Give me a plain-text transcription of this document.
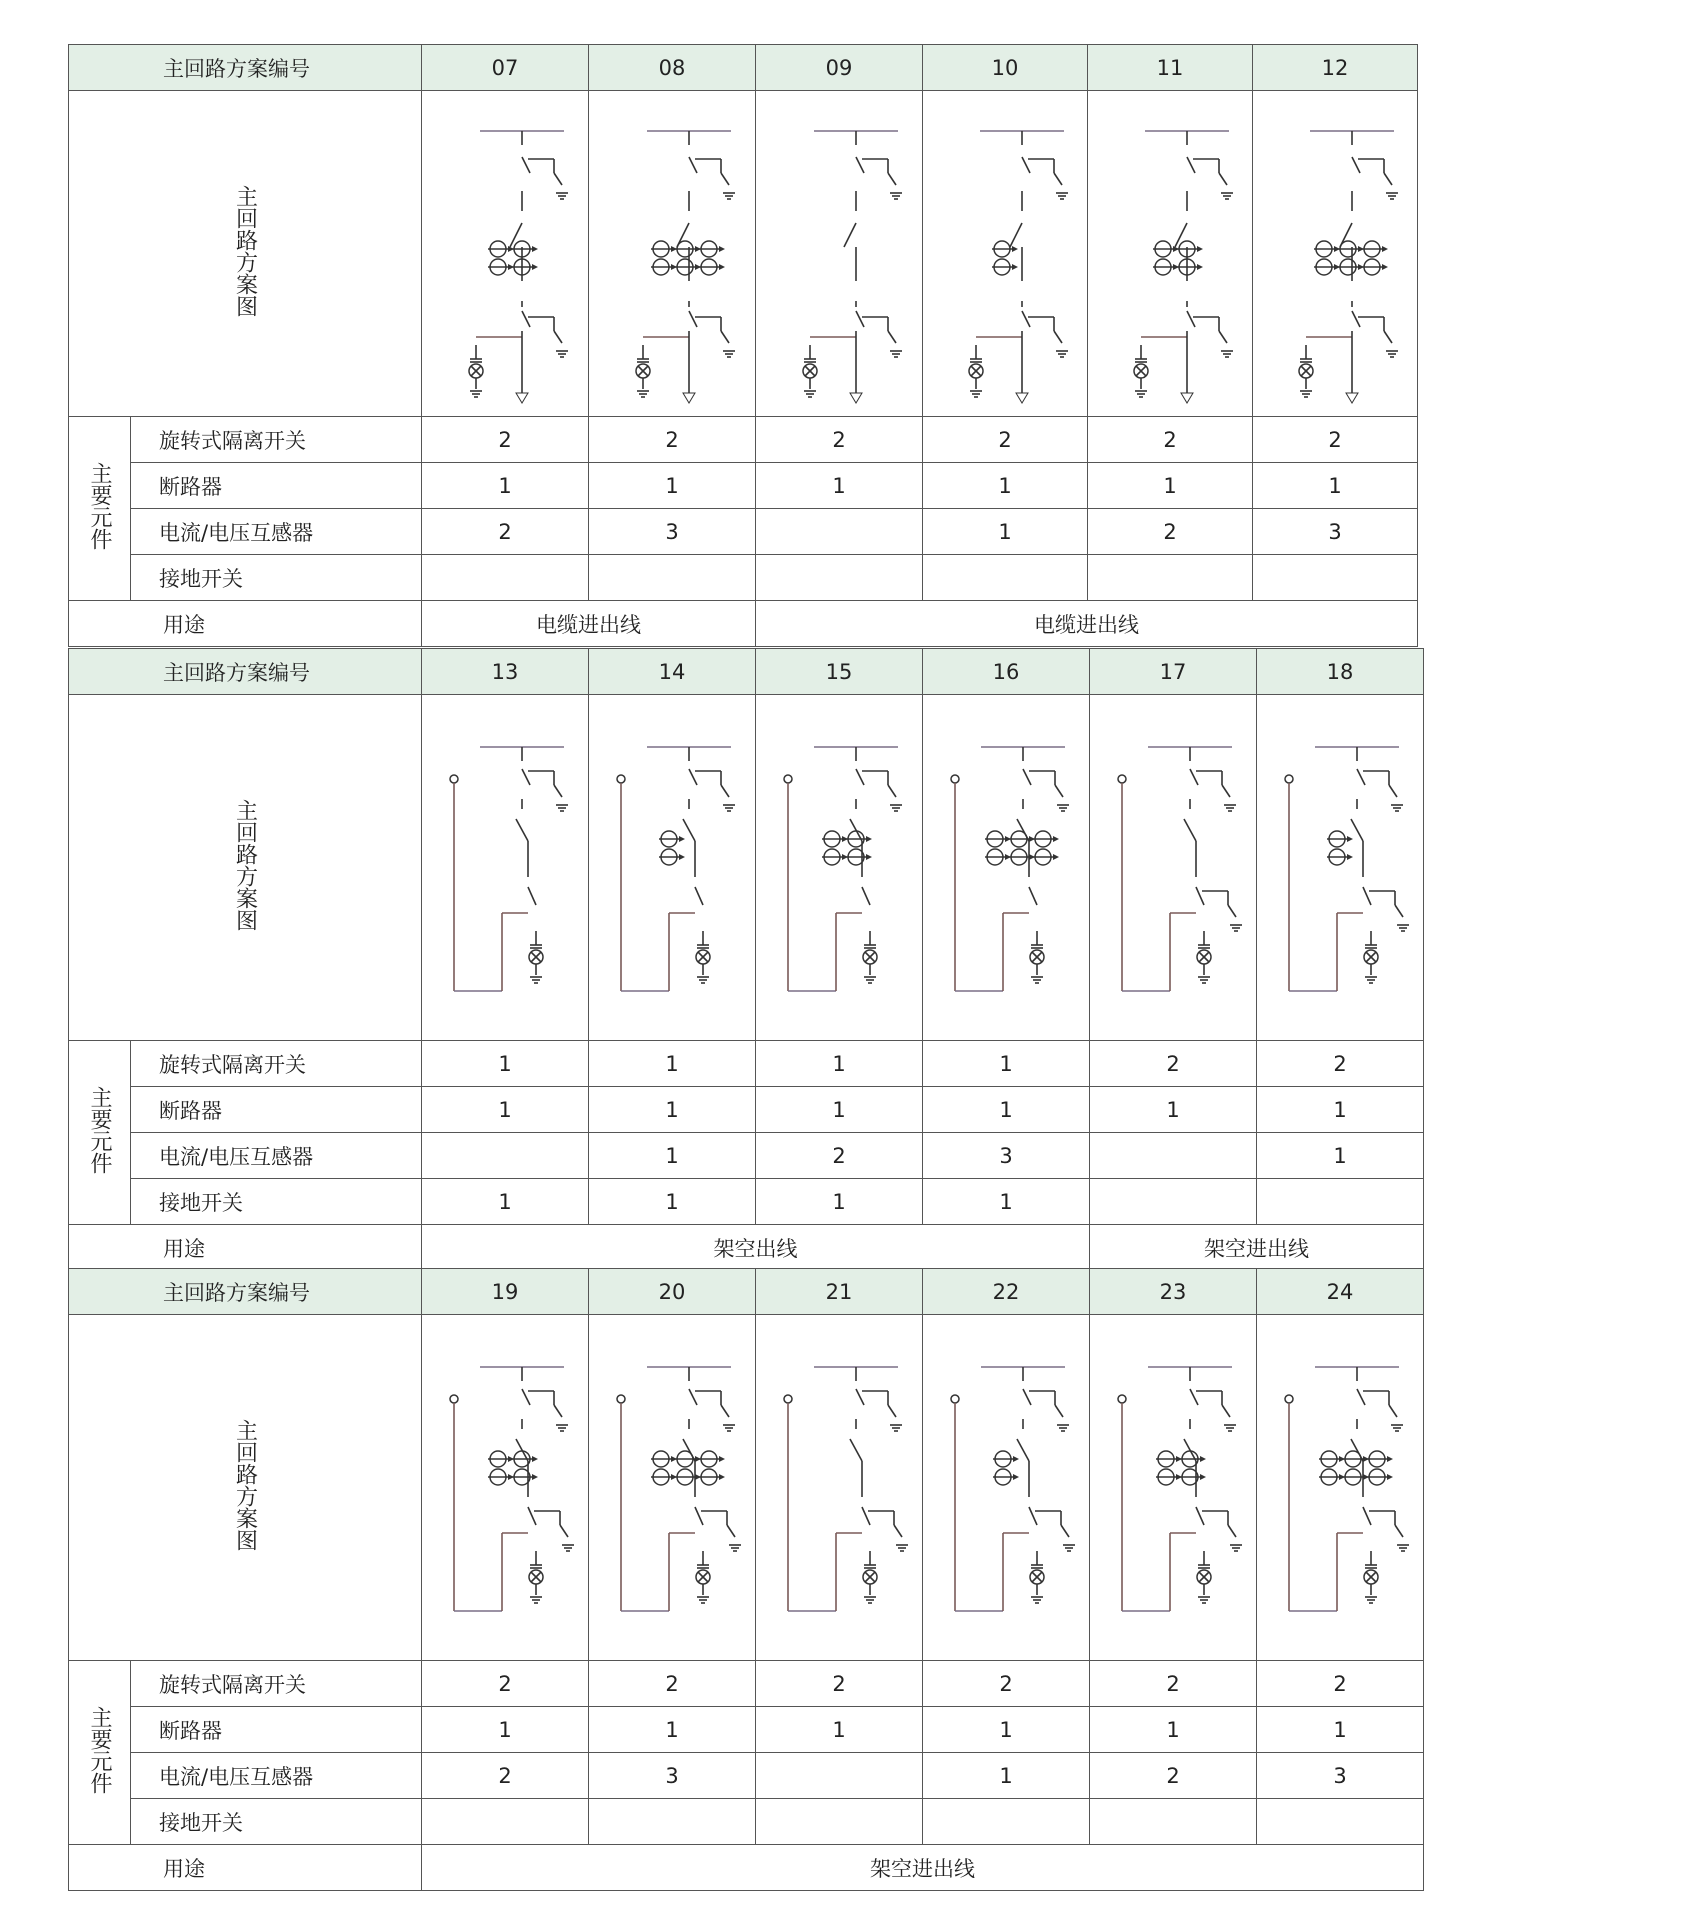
主回路方案编号		07	08	09	10	11	12
主回路方案图	

主要元件	旋转式隔离开关	2	2	2	2	2	2
	断路器	1	1	1	1	1	1
	电流/电压互感器	2	3		1	2	3
	接地开关						
用途		电缆进出线		电缆进出线			
主回路方案编号		13	14	15	16	17	18
主回路方案图	

主要元件	旋转式隔离开关	1	1	1	1	2	2
	断路器	1	1	1	1	1	1
	电流/电压互感器		1	2	3		1
	接地开关	1	1	1	1		
用途		架空出线				架空进出线	
主回路方案编号		19	20	21	22	23	24
主回路方案图	

主要元件	旋转式隔离开关	2	2	2	2	2	2
	断路器	1	1	1	1	1	1
	电流/电压互感器	2	3		1	2	3
	接地开关						
用途		架空进出线					
